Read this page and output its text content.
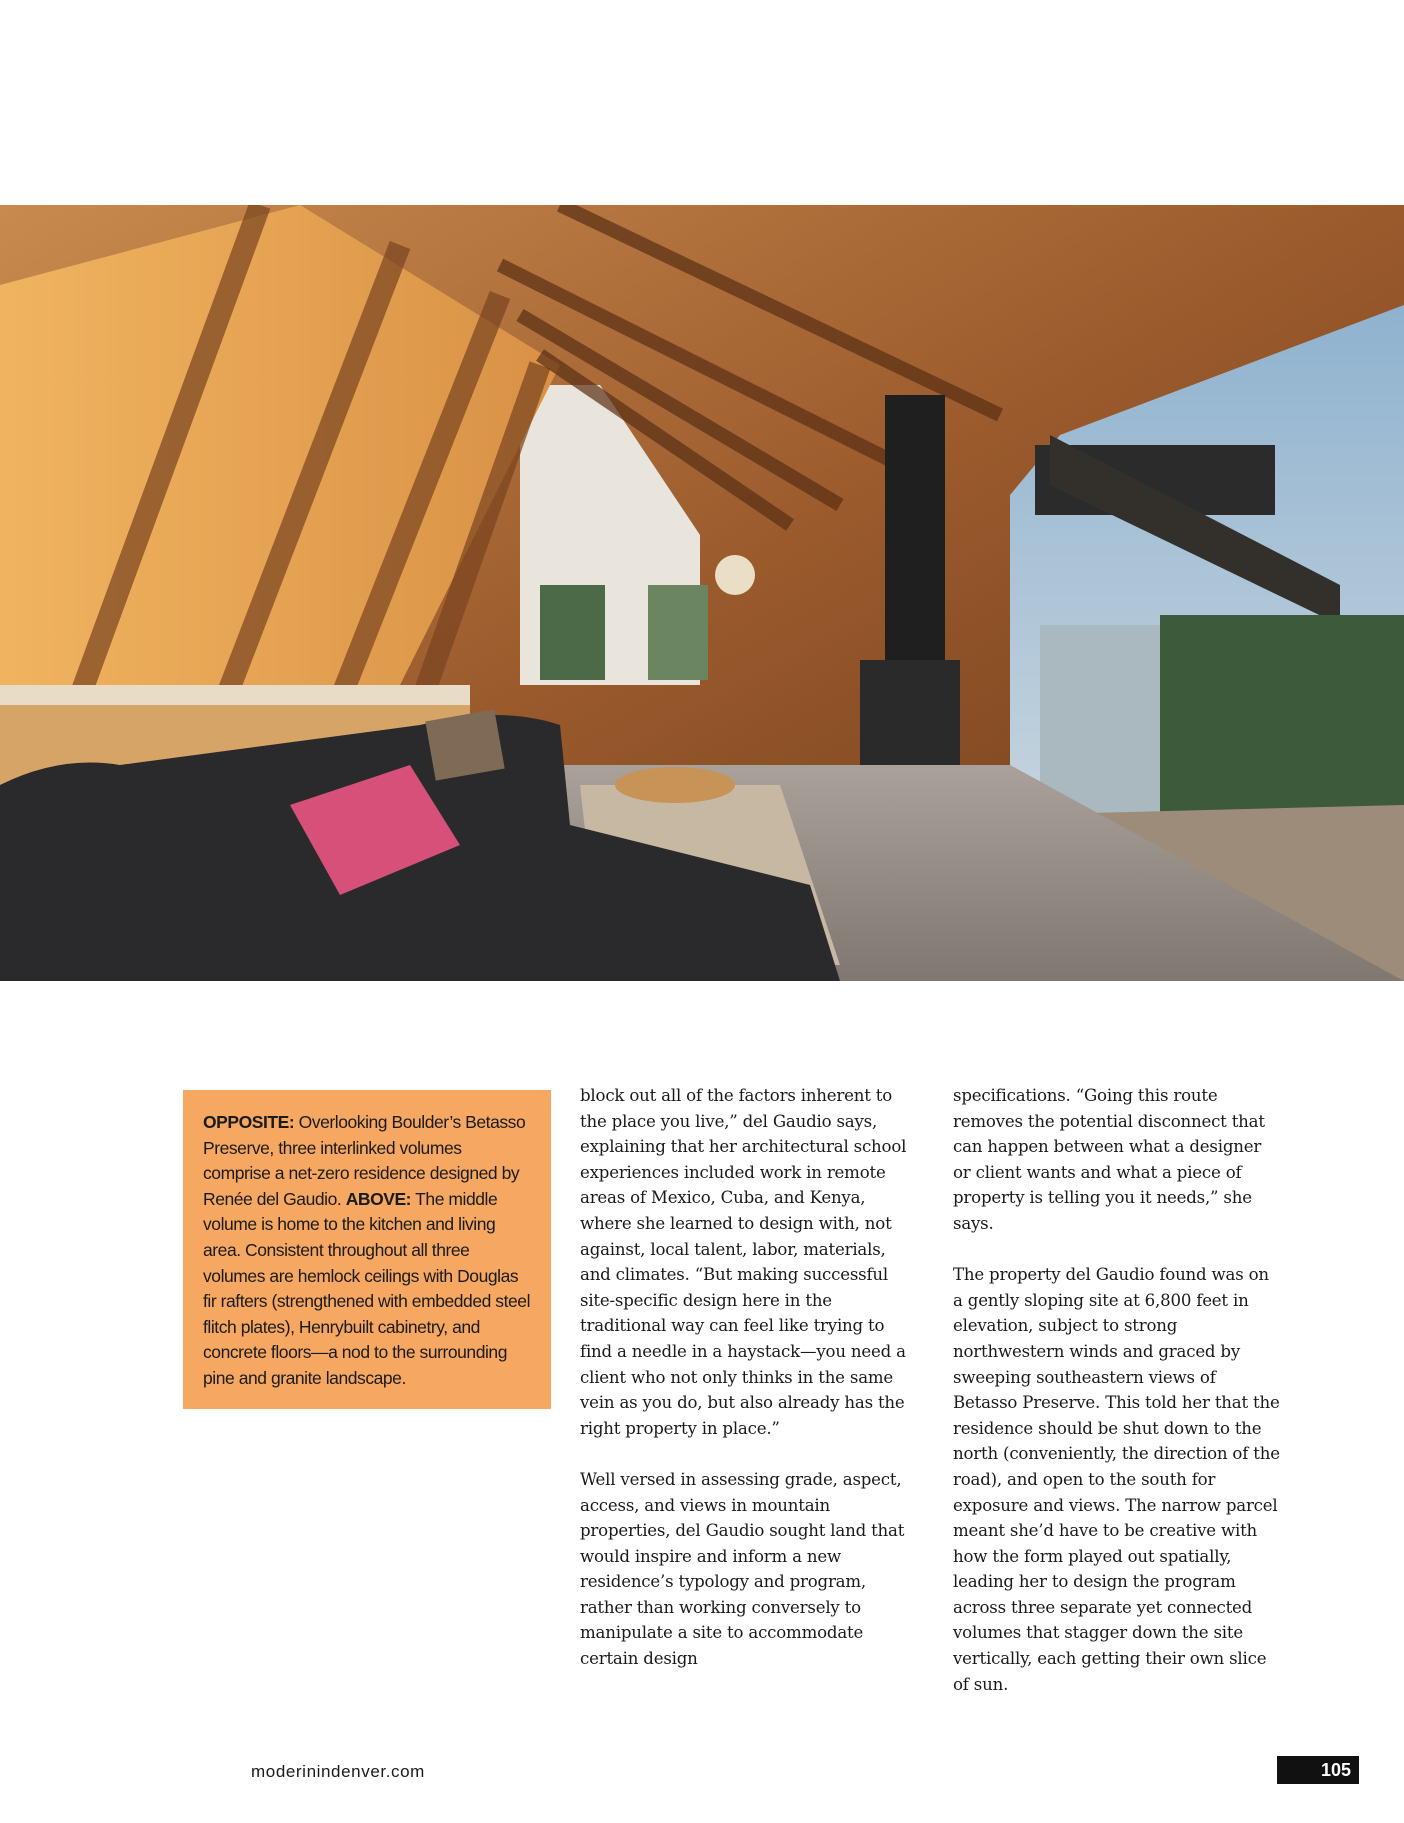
OPPOSITE: Overlooking Boulder’s Betasso Preserve, three interlinked volumes comprise a net-zero residence designed by Renée del Gaudio. ABOVE: The middle volume is home to the kitchen and living area. Consistent throughout all three volumes are hemlock ceilings with Douglas fir rafters (strengthened with embedded steel flitch plates), Henrybuilt cabinetry, and concrete floors—a nod to the surrounding pine and granite landscape.

block out all of the factors inherent to the place you live,” del Gaudio says, explaining that her architectural school experiences included work in remote areas of Mexico, Cuba, and Kenya, where she learned to design with, not against, local talent, labor, materials, and climates. “But making successful site-specific design here in the traditional way can feel like trying to find a needle in a haystack—you need a client who not only thinks in the same vein as you do, but also already has the right property in place.”

Well versed in assessing grade, aspect, access, and views in mountain properties, del Gaudio sought land that would inspire and inform a new residence’s typology and program, rather than working conversely to manipulate a site to accommodate certain design

specifications. “Going this route removes the potential disconnect that can happen between what a designer or client wants and what a piece of property is telling you it needs,” she says.

The property del Gaudio found was on a gently sloping site at 6,800 feet in elevation, subject to strong northwestern winds and graced by sweeping southeastern views of Betasso Preserve. This told her that the residence should be shut down to the north (conveniently, the direction of the road), and open to the south for exposure and views. The narrow parcel meant she’d have to be creative with how the form played out spatially, leading her to design the program across three separate yet connected volumes that stagger down the site vertically, each getting their own slice of sun.

moderinindenver.com	105
